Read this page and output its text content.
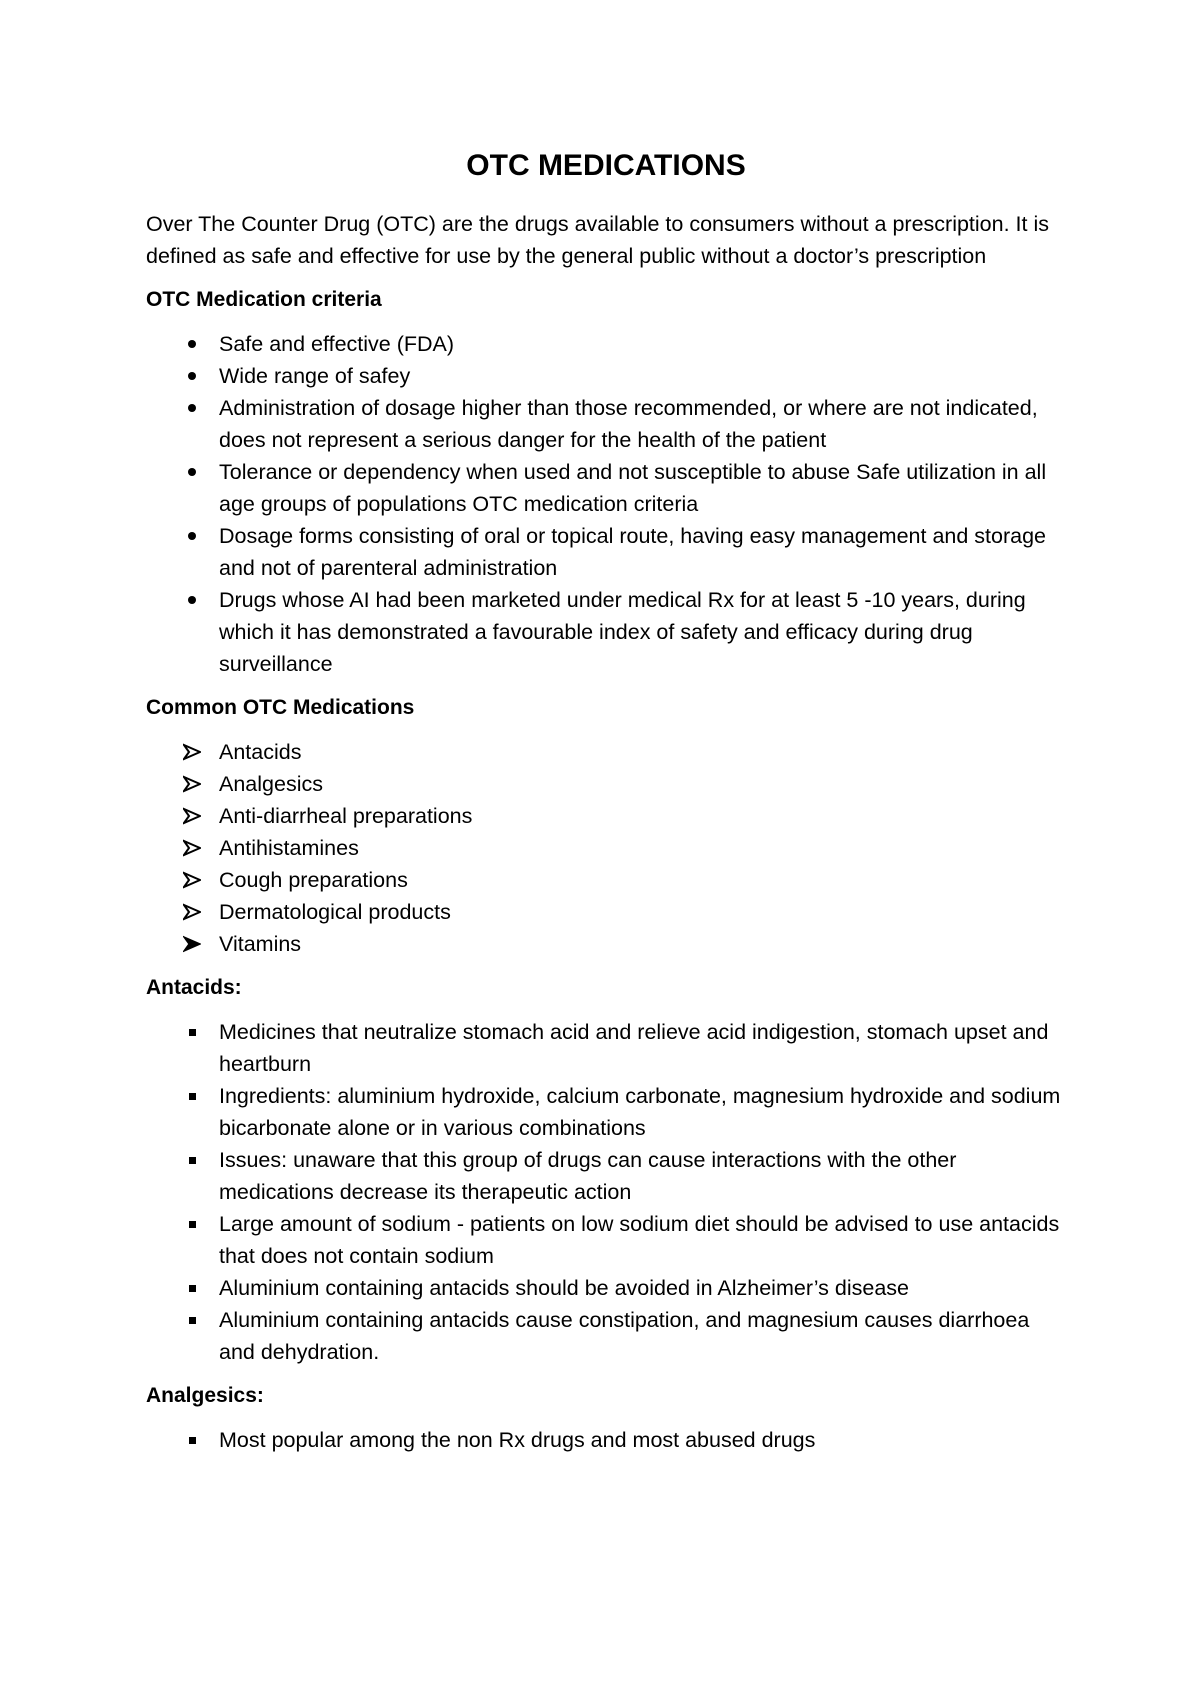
OTC MEDICATIONS

Over The Counter Drug (OTC) are the drugs available to consumers without a prescription. It is defined as safe and effective for use by the general public without a doctor’s prescription

OTC Medication criteria
Safe and effective (FDA)
Wide range of safey
Administration of dosage higher than those recommended, or where are not indicated, does not represent a serious danger for the health of the patient
Tolerance or dependency when used and not susceptible to abuse Safe utilization in all age groups of populations OTC medication criteria
Dosage forms consisting of oral or topical route, having easy management and storage and not of parenteral administration
Drugs whose AI had been marketed under medical Rx for at least 5 -10 years, during which it has demonstrated a favourable index of safety and efficacy during drug surveillance
Common OTC Medications
Antacids
Analgesics
Anti-diarrheal preparations
Antihistamines
Cough preparations
Dermatological products
Vitamins
Antacids:
Medicines that neutralize stomach acid and relieve acid indigestion, stomach upset and heartburn
Ingredients: aluminium hydroxide, calcium carbonate, magnesium hydroxide and sodium bicarbonate alone or in various combinations
Issues: unaware that this group of drugs can cause interactions with the other medications decrease its therapeutic action
Large amount of sodium - patients on low sodium diet should be advised to use antacids that does not contain sodium
Aluminium containing antacids should be avoided in Alzheimer’s disease
Aluminium containing antacids cause constipation, and magnesium causes diarrhoea and dehydration.
Analgesics:
Most popular among the non Rx drugs and most abused drugs
